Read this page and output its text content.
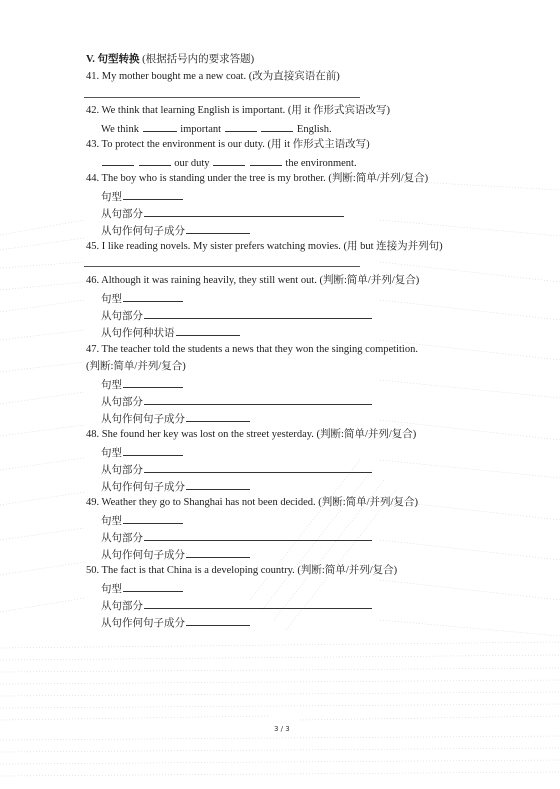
V. 句型转换 (根据括号内的要求答题)
41. My mother bought me a new coat. (改为直接宾语在前)
42. We think that learning English is important. (用 it 作形式宾语改写)
We think	important	English.
43. To protect the environment is our duty. (用 it 作形式主语改写)
our duty	the environment.
44. The boy who is standing under the tree is my brother. (判断:简单/并列/复合)
句型
从句部分
从句作何句子成分
45. I like reading novels. My sister prefers watching movies. (用 but 连接为并列句)
46. Although it was raining heavily, they still went out. (判断:简单/并列/复合)
句型
从句部分
从句作何种状语
47. The teacher told the students a news that they won the singing competition.
(判断:简单/并列/复合)
句型
从句部分
从句作何句子成分
48. She found her key was lost on the street yesterday. (判断:简单/并列/复合)
句型
从句部分
从句作何句子成分
49. Weather they go to Shanghai has not been decided. (判断:简单/并列/复合)
句型
从句部分
从句作何句子成分
50. The fact is that China is a developing country. (判断:简单/并列/复合)
句型
从句部分
从句作何句子成分
3 / 3
